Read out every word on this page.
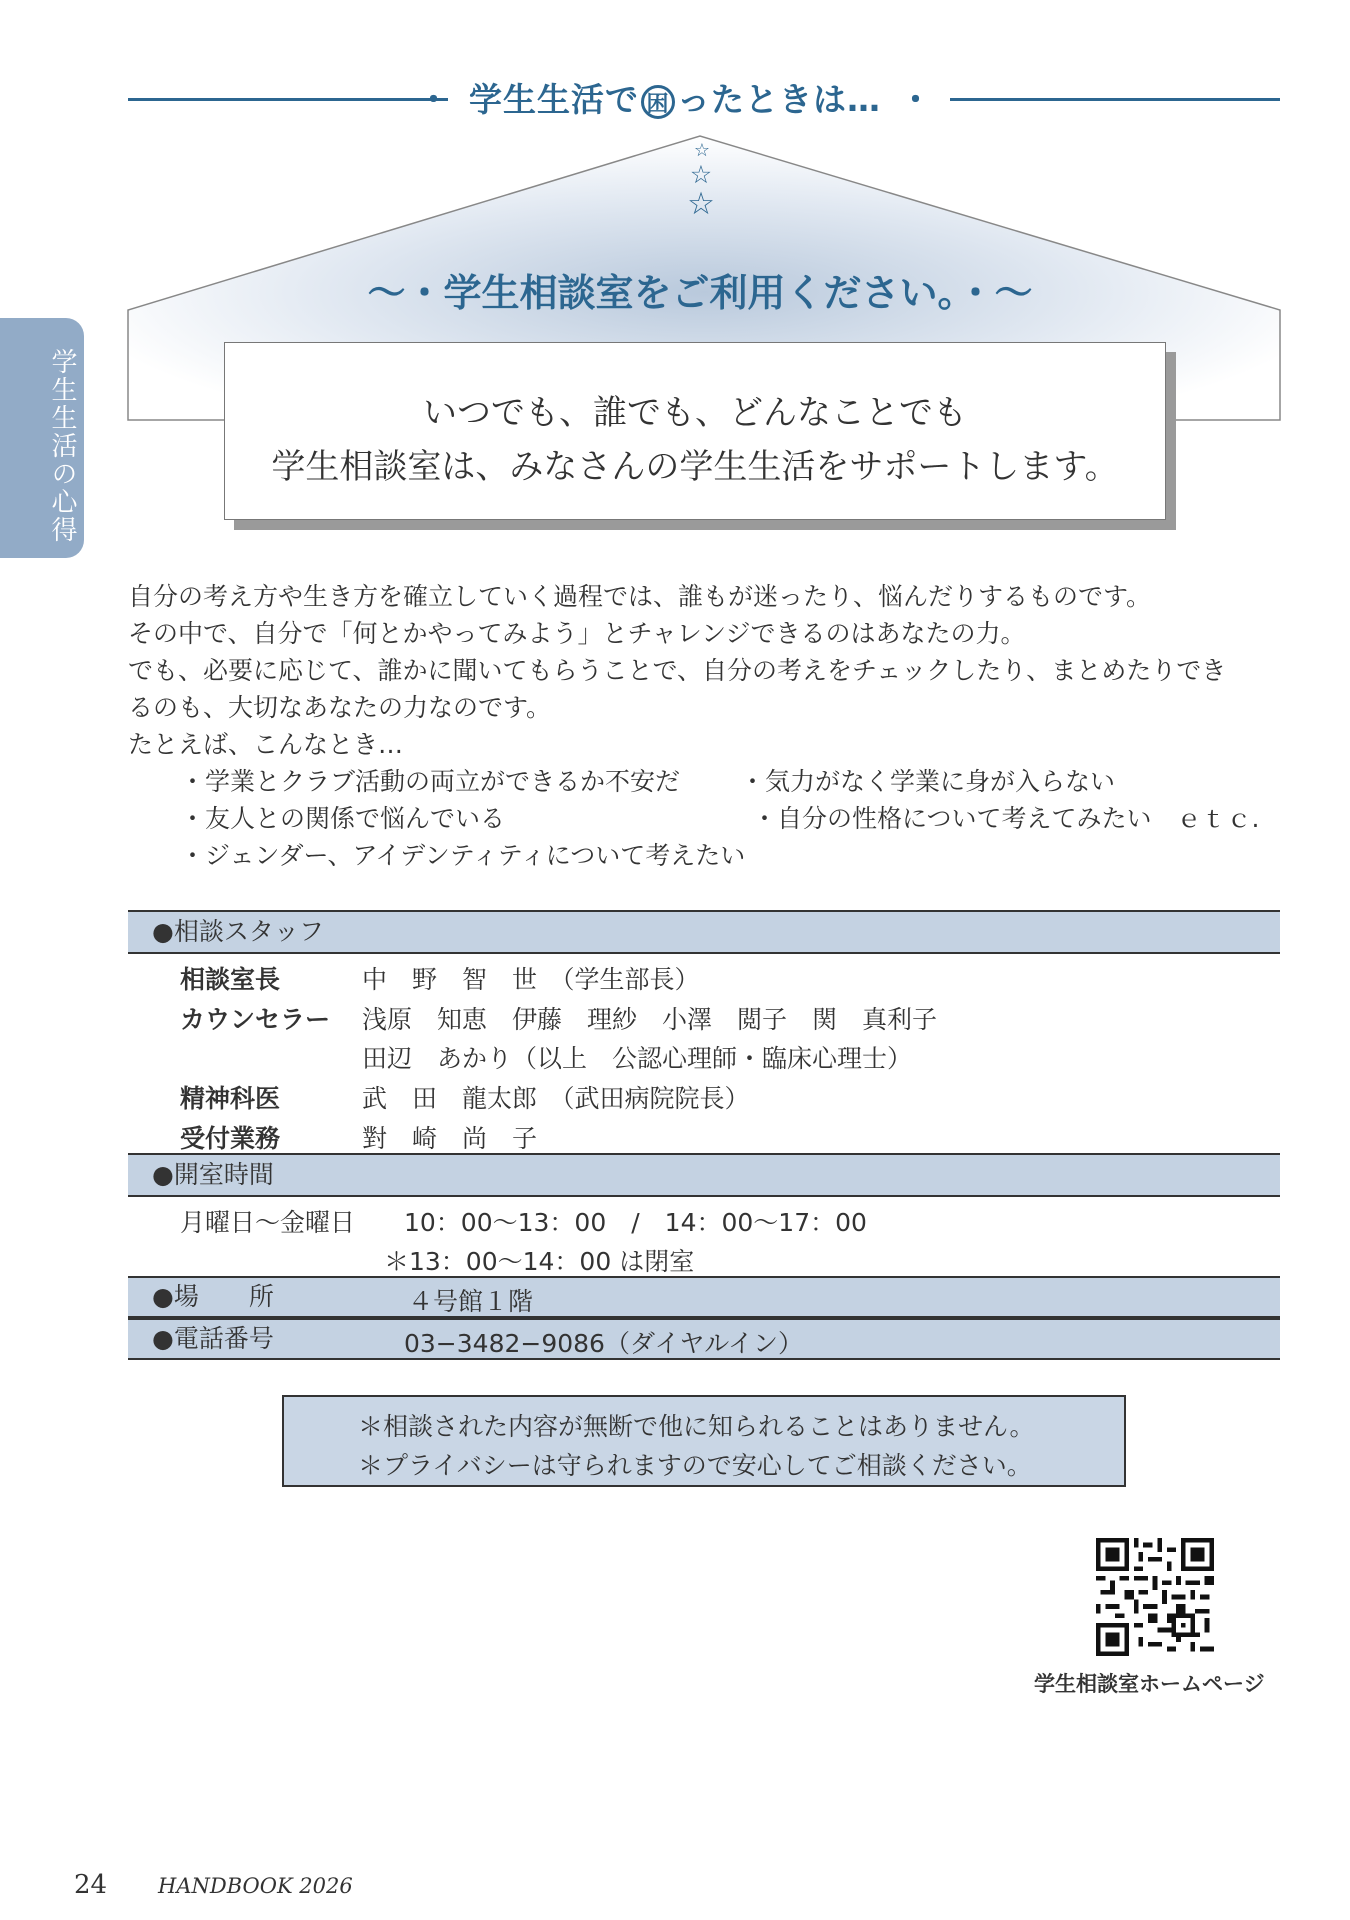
・ 学生生活で 困 ったときは… ・
学生生活の心得
☆
☆
☆
〜・学生相談室をご利用ください。・〜
いつでも、誰でも、どんなことでも
学生相談室は、みなさんの学生生活をサポートします。
自分の考え方や生き方を確立していく過程では、誰もが迷ったり、悩んだりするものです。
その中で、自分で「何とかやってみよう」とチャレンジできるのはあなたの力。
でも、必要に応じて、誰かに聞いてもらうことで、自分の考えをチェックしたり、まとめたりでき
るのも、大切なあなたの力なのです。
たとえば、こんなとき…
・学業とクラブ活動の両立ができるか不安だ ・気力がなく学業に身が入らない
・友人との関係で悩んでいる	・自分の性格について考えてみたい　ｅｔｃ.
・ジェンダー、アイデンティティについて考えたい
●相談スタッフ
相談室長	中　野　智　世　（学生部長）
カウンセラー 浅原　知恵　伊藤　理紗　小澤　閲子　関　真利子
田辺　あかり（以上　公認心理師・臨床心理士）
精神科医	武　田　龍太郎　（武田病院院長）
受付業務	對　崎　尚　子
●開室時間
月曜日〜金曜日 10：00〜13：00　/　14：00〜17：00
＊13：00〜14：00 は閉室
●場　　所	４号館１階
●電話番号	03−3482−9086（ダイヤルイン）
＊相談された内容が無断で他に知られることはありません。
＊プライバシーは守られますので安心してご相談ください。
学生相談室ホームページ
24 HANDBOOK 2026
